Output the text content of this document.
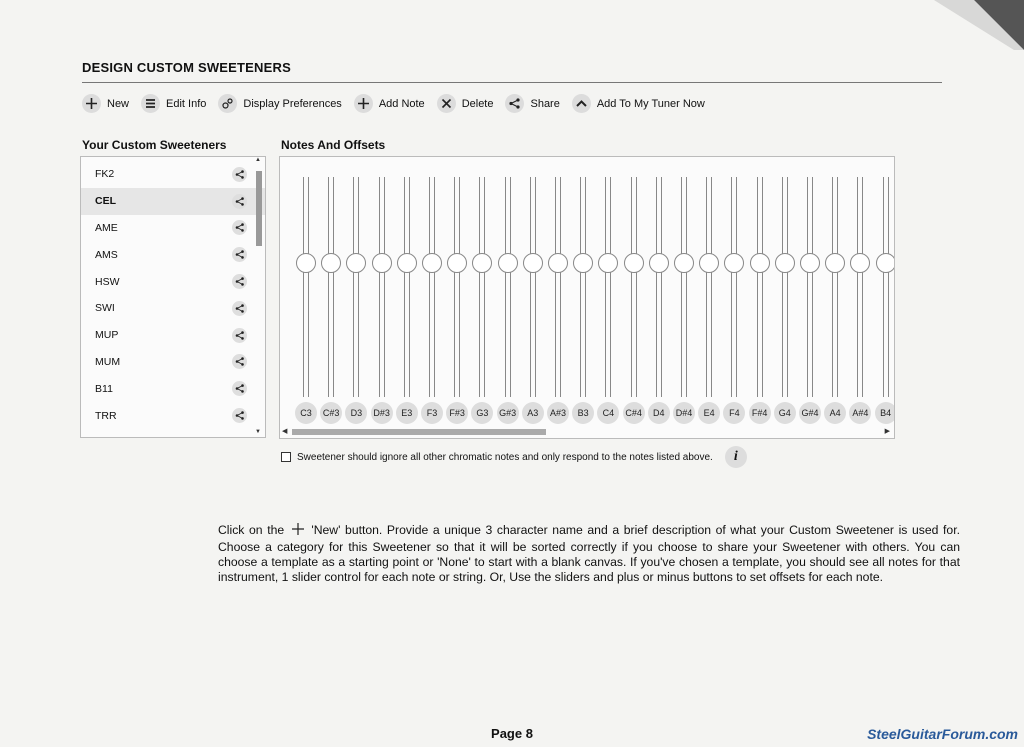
DESIGN CUSTOM SWEETENERS
New	Edit Info	Display Preferences	Add Note	Delete	Share	Add To My Tuner Now
Your Custom Sweeteners	Notes And Offsets
FK2
CEL
AME
AMS
HSW
SWI
MUP
MUM
B11
TRR
▲
▼
C3	C#3	D3	D#3	E3	F3	F#3	G3	G#3	A3	A#3	B3	C4	C#4	D4	D#4	E4	F4	F#4	G4	G#4	A4	A#4	B4
◀	▶
Sweetener should ignore all other chromatic notes and only respond to the notes listed above.	i
Click on the 'New' button. Provide a unique 3 character name and a brief description of what your Custom Sweetener is used for. Choose a category for this Sweetener so that it will be sorted correctly if you choose to share your Sweetener with others. You can choose a template as a starting point or 'None' to start with a blank canvas. If you've chosen a template, you should see all notes for that instrument, 1 slider control for each note or string. Or, Use the sliders and plus or minus buttons to set offsets for each note.
Page 8	SteelGuitarForum.com
